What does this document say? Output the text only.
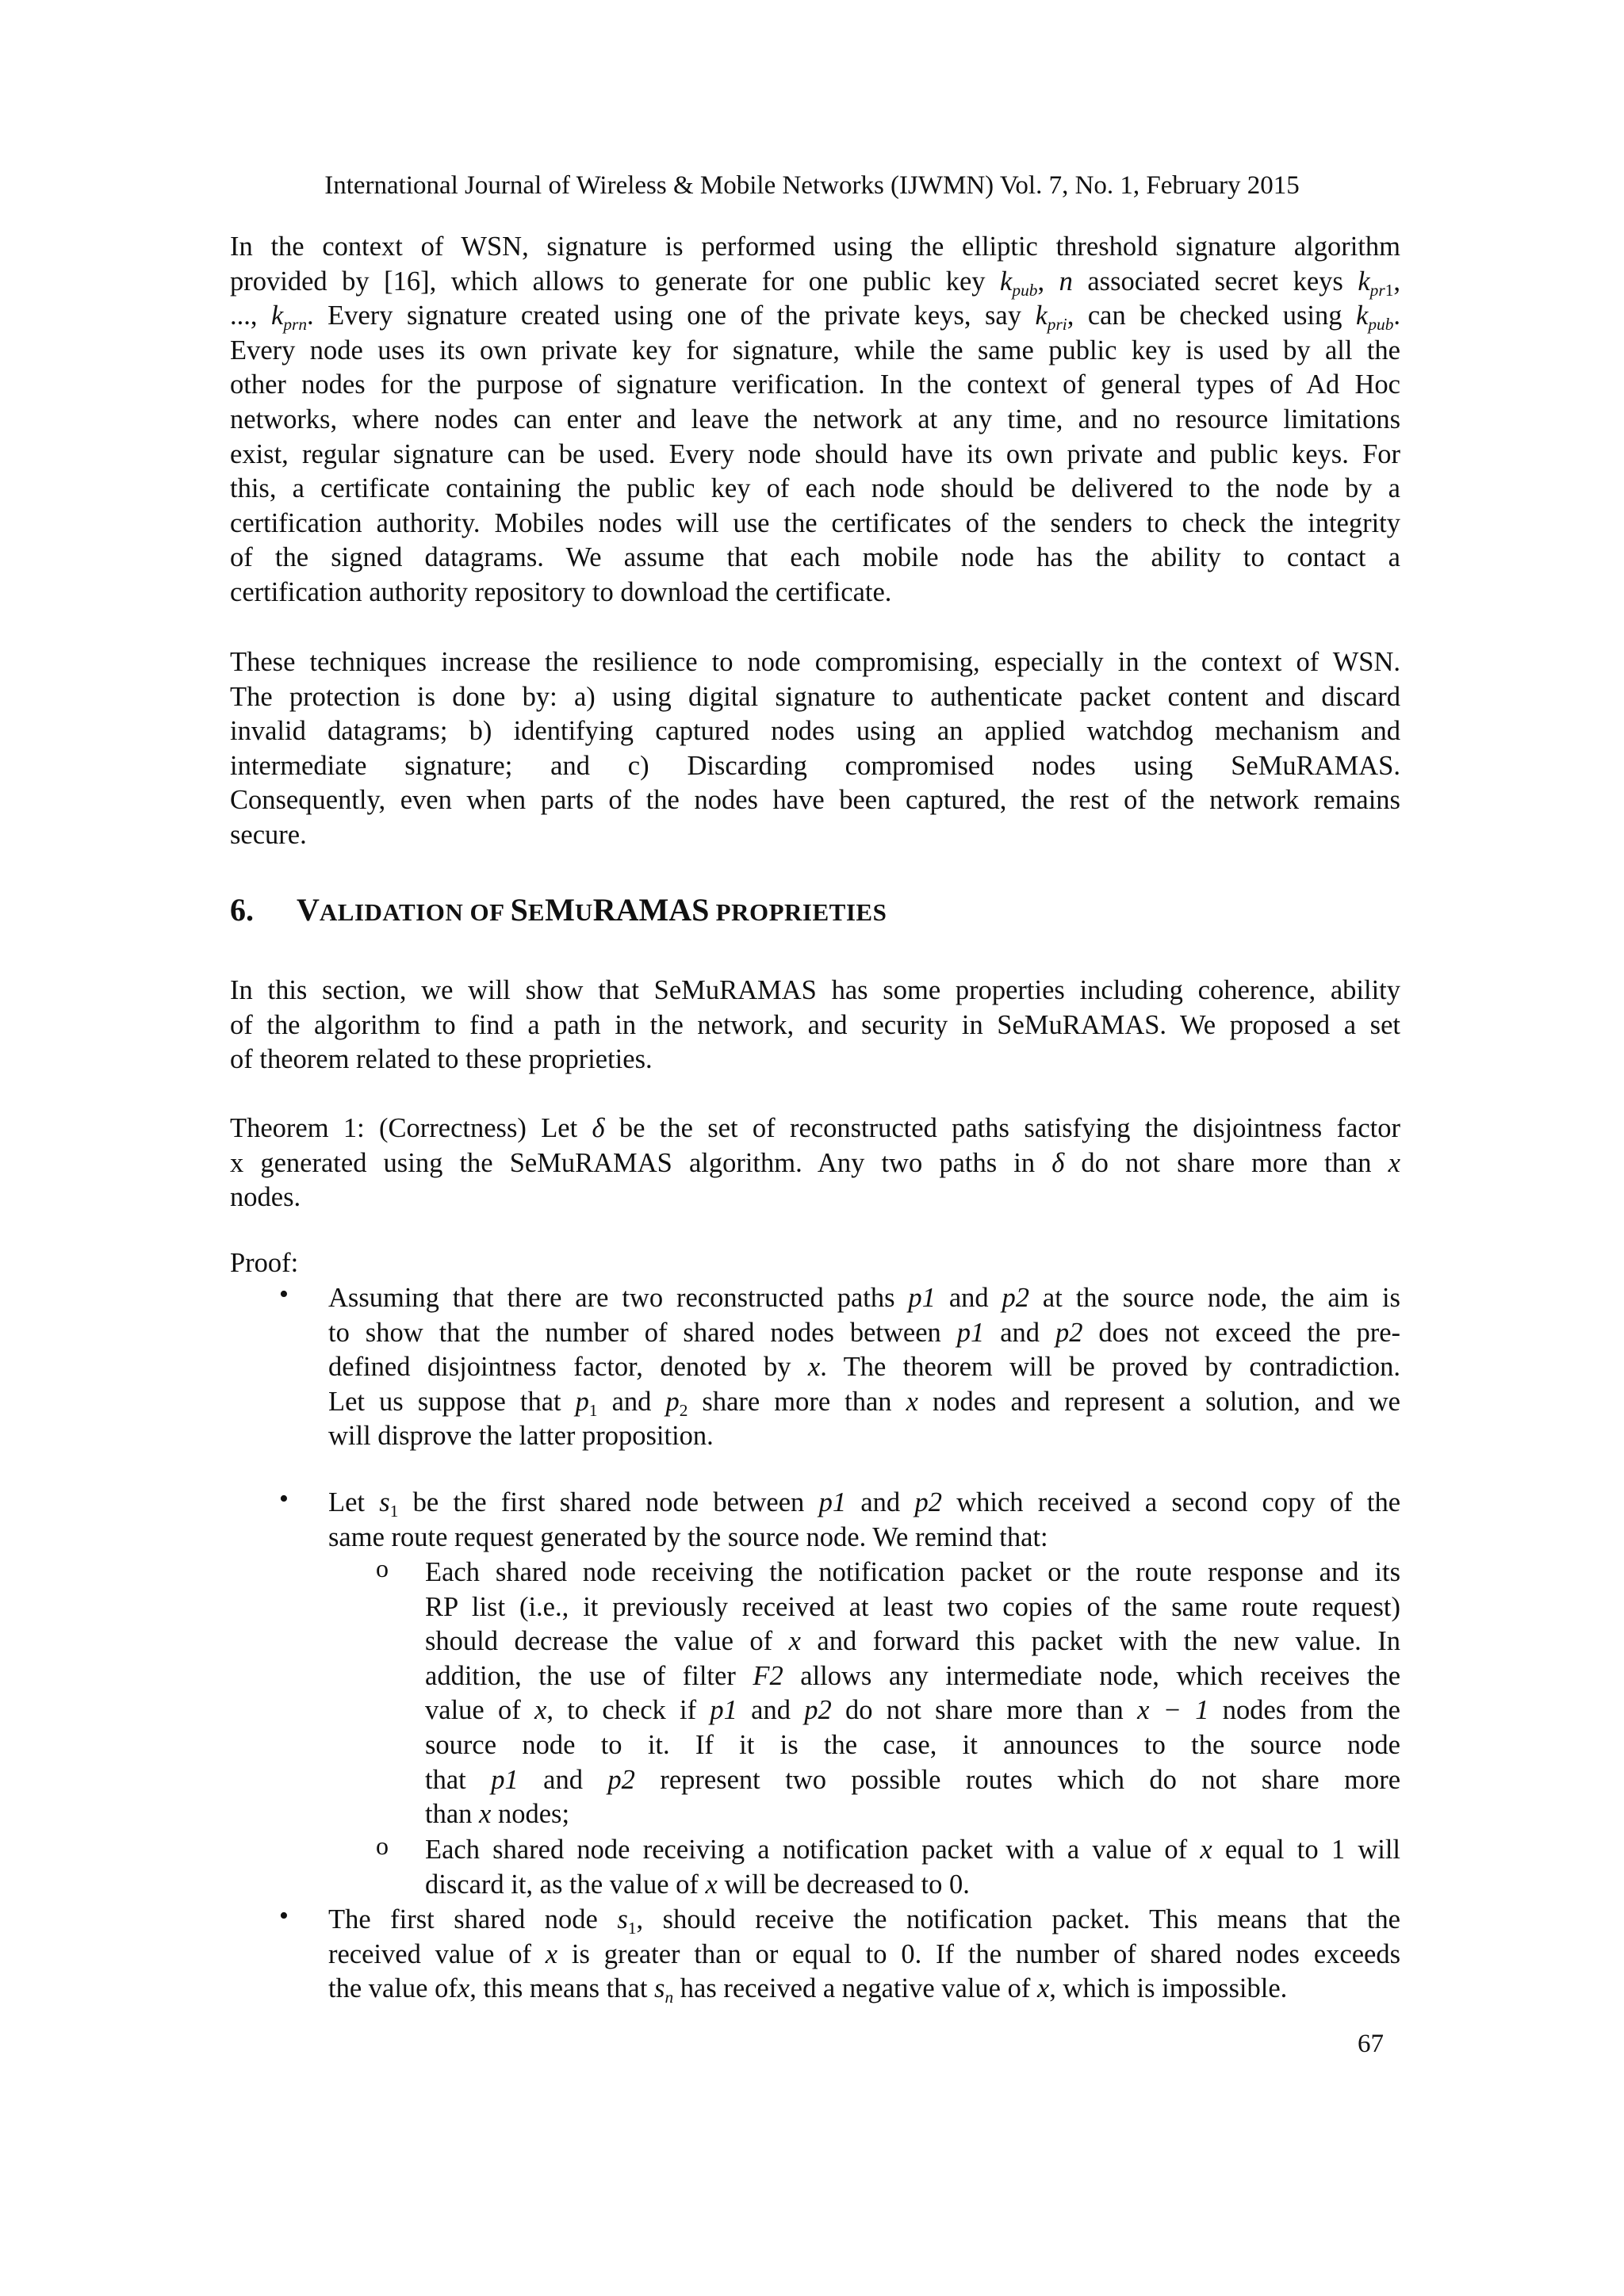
International Journal of Wireless & Mobile Networks (IJWMN) Vol. 7, No. 1, February 2015
In the context of WSN, signature is performed using the elliptic threshold signature algorithm
provided by [16], which allows to generate for one public key $k_{pub}$, n associated secret keys $k_{pr1}$,
..., $k_{prn}$. Every signature created using one of the private keys, say $k_{pri}$, can be checked using $k_{pub}$.
Every node uses its own private key for signature, while the same public key is used by all the
other nodes for the purpose of signature verification. In the context of general types of Ad Hoc
networks, where nodes can enter and leave the network at any time, and no resource limitations
exist, regular signature can be used. Every node should have its own private and public keys. For
this, a certificate containing the public key of each node should be delivered to the node by a
certification authority. Mobiles nodes will use the certificates of the senders to check the integrity
of the signed datagrams. We assume that each mobile node has the ability to contact a
certification authority repository to download the certificate.
These techniques increase the resilience to node compromising, especially in the context of WSN.
The protection is done by: a) using digital signature to authenticate packet content and discard
invalid datagrams; b) identifying captured nodes using an applied watchdog mechanism and
intermediate signature; and c) Discarding compromised nodes using SeMuRAMAS.
Consequently, even when parts of the nodes have been captured, the rest of the network remains
secure.
6. VALIDATION OF SEMURAMAS PROPRIETIES
In this section, we will show that SeMuRAMAS has some properties including coherence, ability
of the algorithm to find a path in the network, and security in SeMuRAMAS. We proposed a set
of theorem related to these proprieties.
Theorem 1: (Correctness) Let δ be the set of reconstructed paths satisfying the disjointness factor
x generated using the SeMuRAMAS algorithm. Any two paths in δ do not share more than x
nodes.
Proof:
• Assuming that there are two reconstructed paths p1 and p2 at the source node, the aim is
to show that the number of shared nodes between p1 and p2 does not exceed the pre-
defined disjointness factor, denoted by x. The theorem will be proved by contradiction.
Let us suppose that $p_1$ and $p_2$ share more than x nodes and represent a solution, and we
will disprove the latter proposition.
• Let $s_1$ be the first shared node between p1 and p2 which received a second copy of the
same route request generated by the source node. We remind that:
o Each shared node receiving the notification packet or the route response and its
RP list (i.e., it previously received at least two copies of the same route request)
should decrease the value of x and forward this packet with the new value. In
addition, the use of filter F2 allows any intermediate node, which receives the
value of x, to check if p1 and p2 do not share more than x − 1 nodes from the
source node to it. If it is the case, it announces to the source node
that p1 and p2 represent two possible routes which do not share more
than x nodes;
o Each shared node receiving a notification packet with a value of x equal to 1 will
discard it, as the value of x will be decreased to 0.
• The first shared node $s_1$, should receive the notification packet. This means that the
received value of x is greater than or equal to 0. If the number of shared nodes exceeds
the value ofx, this means that $s_n$ has received a negative value of x, which is impossible.
67
